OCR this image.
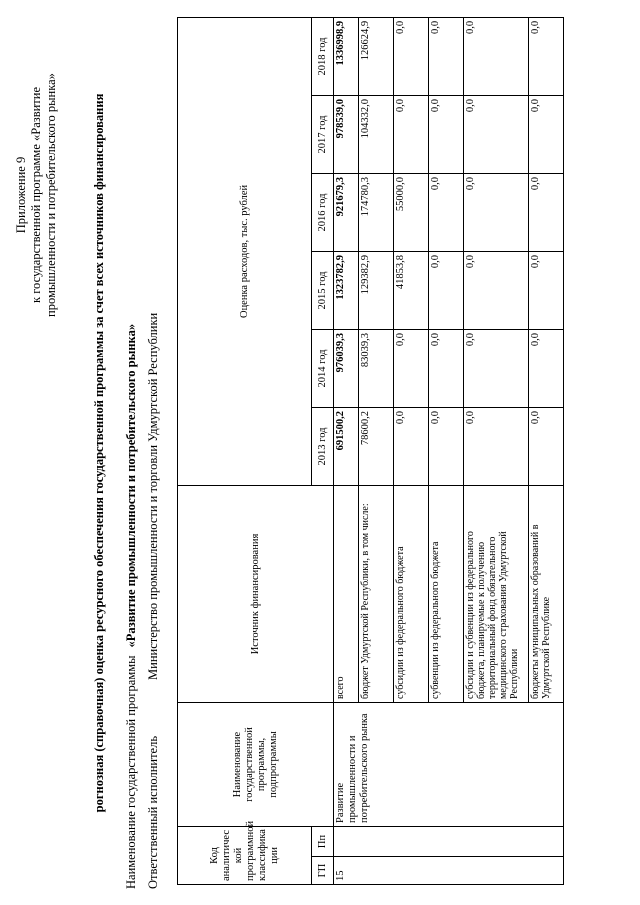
Приложение 9 к государственной программе «Развитие промышленности и потребительского рынка»	рогнозная (справочная) оценка ресурсного обеспечения государственной программы за счет всех источников финансирования Наименование государственной программы«Развитие промышленности и потребительского рынка»
Ответственный исполнительМинистерство промышленности и торговли Удмуртской Республики
Код аналитичес кой программной классифика ции		Наименование государственной программы, подпрограммы	Источник финансирования	Оценка расходов, тыс. рублей					
ГП	Пп			2013 год	2014 год	2015 год	2016 год	2017 год	2018 год
15		Развитие промышленности и потребительского рынка	всего	691500,2	976039,3	1323782,9	921679,3	978539,0	1336998,9
			бюджет Удмуртской Республики, в том числе:	78600,2	83039,3	129382,9	174780,3	104332,0	126624,9
			субсидии из федерального бюджета	0,0	0,0	41853,8	55000,0	0,0	0,0
			субвенции из федерального бюджета	0,0	0,0	0,0	0,0	0,0	0,0
			субсидии и субвенции из федерального бюджета, планируемые к получению территориальный фонд обязательного медицинского страхования Удмуртской Республики	0,0	0,0	0,0	0,0	0,0	0,0
			бюджеты муниципальных образований в Удмуртской Республике	0,0	0,0	0,0	0,0	0,0	0,0
